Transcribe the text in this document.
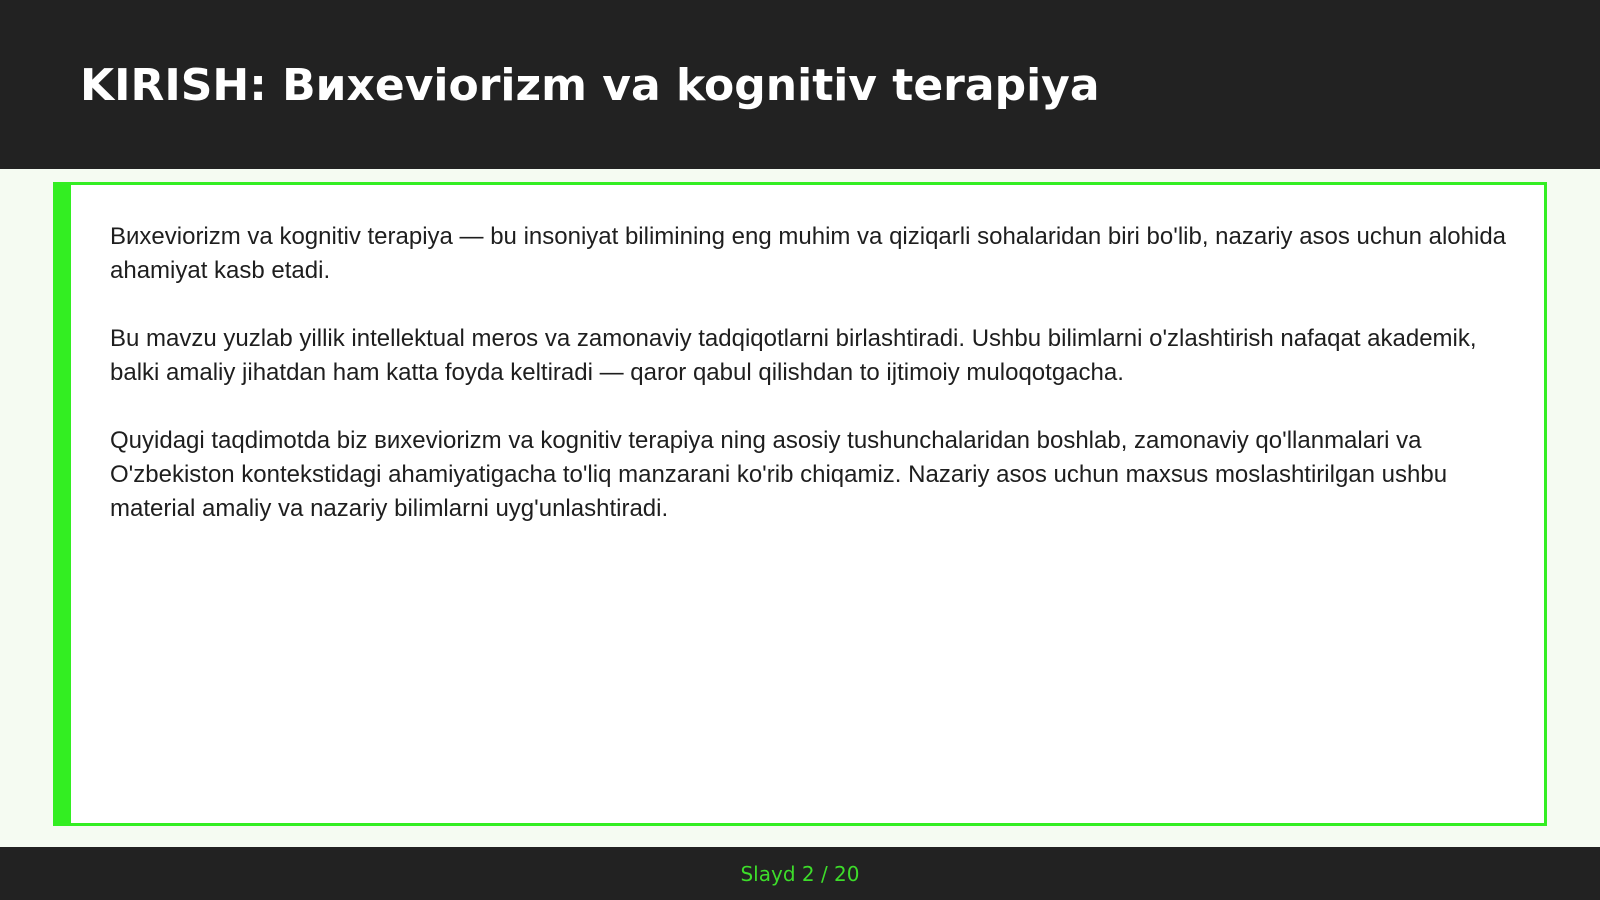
KIRISH: Вихeviorizm va kognitiv terapiya

Вихeviorizm va kognitiv terapiya — bu insoniyat bilimining eng muhim va qiziqarli sohalaridan biri bo'lib, nazariy asos uchun alohida ahamiyat kasb etadi.

Bu mavzu yuzlab yillik intellektual meros va zamonaviy tadqiqotlarni birlashtiradi. Ushbu bilimlarni o'zlashtirish nafaqat akademik, balki amaliy jihatdan ham katta foyda keltiradi — qaror qabul qilishdan to ijtimoiy muloqotgacha.

Quyidagi taqdimotda biz вихeviorizm va kognitiv terapiya ning asosiy tushunchalaridan boshlab, zamonaviy qo'llanmalari va O'zbekiston kontekstidagi ahamiyatigacha to'liq manzarani ko'rib chiqamiz. Nazariy asos uchun maxsus moslashtirilgan ushbu material amaliy va nazariy bilimlarni uyg'unlashtiradi.

Slayd 2 / 20
